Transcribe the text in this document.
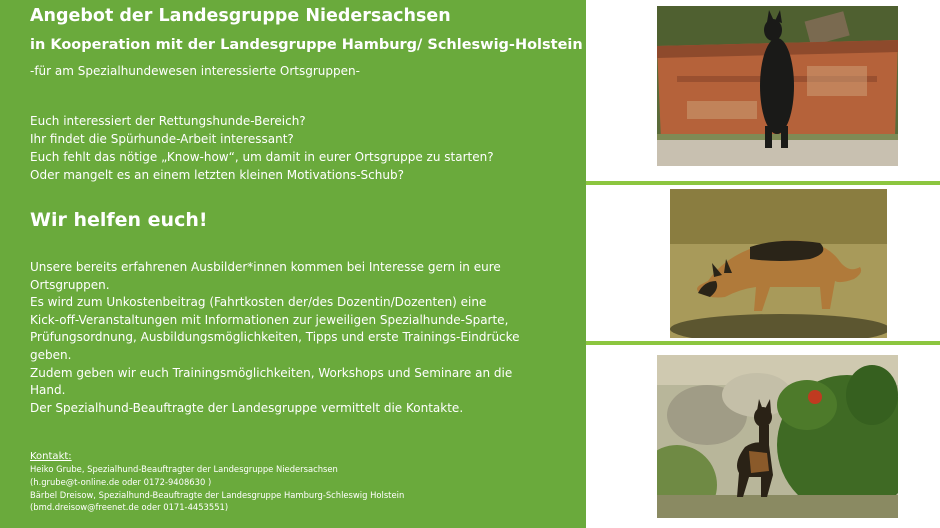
Angebot der Landesgruppe Niedersachsen
in Kooperation mit der Landesgruppe Hamburg/ Schleswig-Holstein
-für am Spezialhundewesen interessierte Ortsgruppen-
Euch interessiert der Rettungshunde-Bereich?
Ihr findet die Spürhunde-Arbeit interessant?
Euch fehlt das nötige „Know-how“, um damit in eurer Ortsgruppe zu starten?
Oder mangelt es an einem letzten kleinen Motivations-Schub?
Wir helfen euch!
Unsere bereits erfahrenen Ausbilder*innen kommen bei Interesse gern in eure
Ortsgruppen.
Es wird zum Unkostenbeitrag (Fahrtkosten der/des Dozentin/Dozenten) eine
Kick-off-Veranstaltungen mit Informationen zur jeweiligen Spezialhunde-Sparte,
Prüfungsordnung, Ausbildungsmöglichkeiten, Tipps und erste Trainings-Eindrücke
geben.
Zudem geben wir euch Trainingsmöglichkeiten, Workshops und Seminare an die
Hand.
Der Spezialhund-Beauftragte der Landesgruppe vermittelt die Kontakte.
Kontakt:
Heiko Grube, Spezialhund-Beauftragter der Landesgruppe Niedersachsen
(h.grube@t-online.de oder 0172-9408630 )
Bärbel Dreisow, Spezialhund-Beauftragte der Landesgruppe Hamburg-Schleswig Holstein
(bmd.dreisow@freenet.de oder 0171-4453551)
